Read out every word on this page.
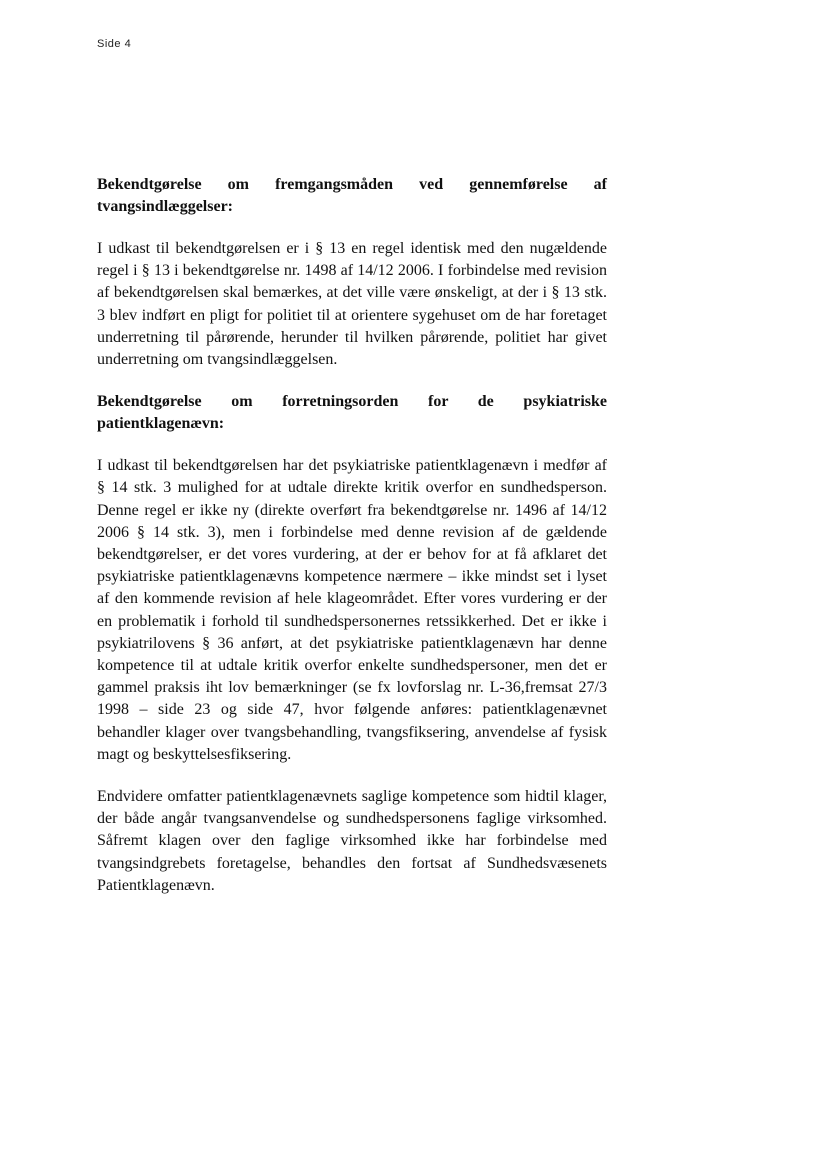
Side 4
Bekendtgørelse om fremgangsmåden ved gennemførelse af
tvangsindlæggelser:

I udkast til bekendtgørelsen er i § 13 en regel identisk med den nugældende regel i § 13 i bekendtgørelse nr. 1498 af 14/12 2006. I forbindelse med revision af bekendtgørelsen skal bemærkes, at det ville være ønskeligt, at der i § 13 stk. 3 blev indført en pligt for politiet til at orientere sygehuset om de har foretaget underretning til pårørende, herunder til hvilken pårørende, politiet har givet underretning om tvangsindlæggelsen.

Bekendtgørelse om forretningsorden for de psykiatriske
patientklagenævn:

I udkast til bekendtgørelsen har det psykiatriske patientklagenævn i medfør af § 14 stk. 3 mulighed for at udtale direkte kritik overfor en sundhedsperson. Denne regel er ikke ny (direkte overført fra bekendtgørelse nr. 1496 af 14/12 2006 § 14 stk. 3), men i forbindelse med denne revision af de gældende bekendtgørelser, er det vores vurdering, at der er behov for at få afklaret det psykiatriske patientklagenævns kompetence nærmere – ikke mindst set i lyset af den kommende revision af hele klageområdet. Efter vores vurdering er der en problematik i forhold til sundhedspersonernes retssikkerhed. Det er ikke i psykiatrilovens § 36 anført, at det psykiatriske patientklagenævn har denne kompetence til at udtale kritik overfor enkelte sundhedspersoner, men det er gammel praksis iht lov bemærkninger (se fx lovforslag nr. L-36,fremsat 27/3 1998 – side 23 og side 47, hvor følgende anføres: patientklagenævnet behandler klager over tvangsbehandling, tvangsfiksering, anvendelse af fysisk magt og beskyttelsesfiksering.

Endvidere omfatter patientklagenævnets saglige kompetence som hidtil klager, der både angår tvangsanvendelse og sundhedspersonens faglige virksomhed. Såfremt klagen over den faglige virksomhed ikke har forbindelse med tvangsindgrebets foretagelse, behandles den fortsat af Sundhedsvæsenets Patientklagenævn.
